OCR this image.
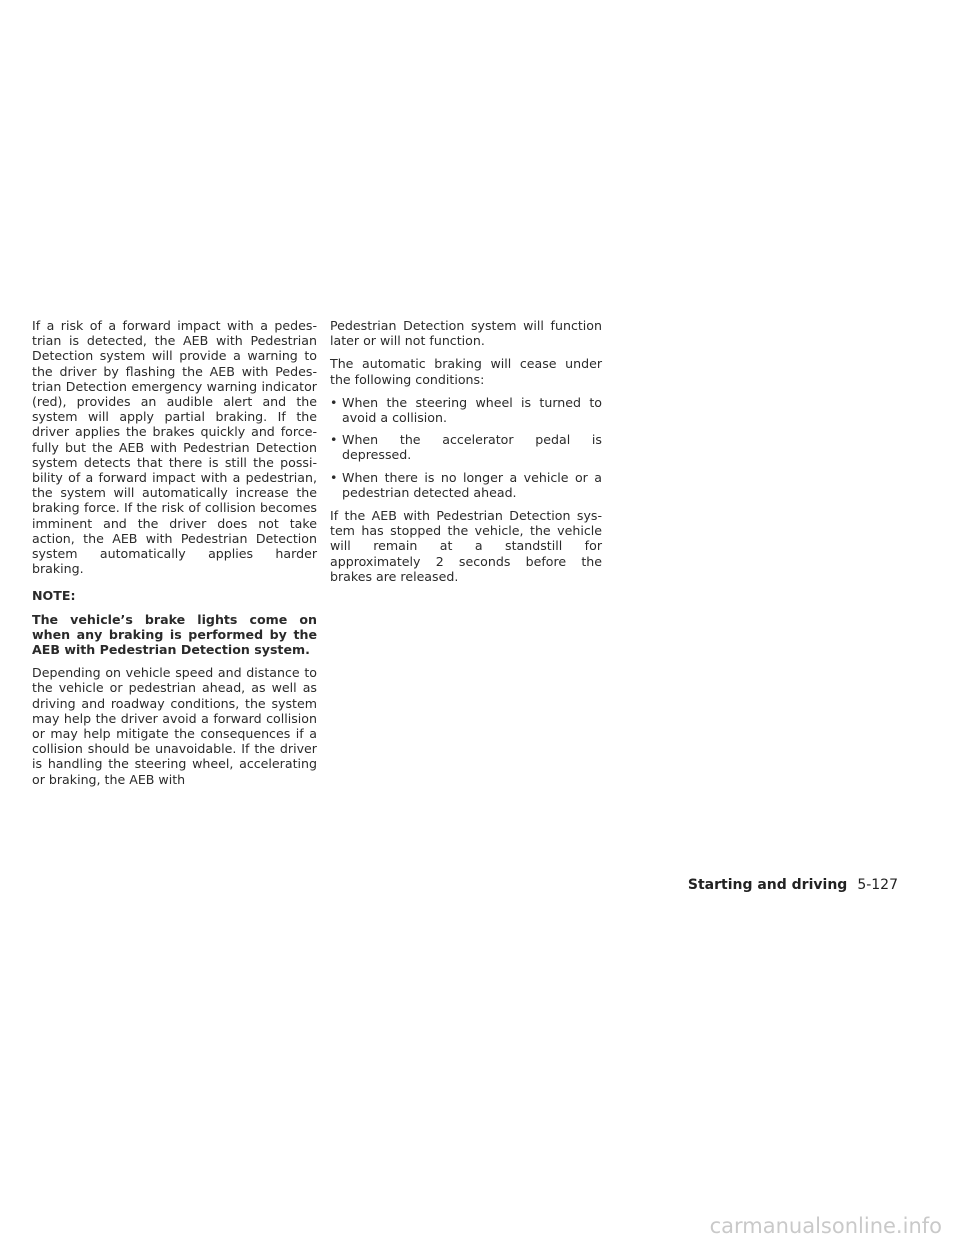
If a risk of a forward impact with a pedestrian is detected, the AEB with Pedestrian Detection system will provide a warning to the driver by flashing the AEB with Pedestrian Detection emergency warning indicator (red), provides an audible alert and the system will apply partial braking. If the driver applies the brakes quickly and forcefully but the AEB with Pedestrian Detection system detects that there is still the possibility of a forward impact with a pedestrian, the system will automatically increase the braking force. If the risk of collision becomes imminent and the driver does not take action, the AEB with Pedestrian Detection system automatically applies harder braking.

NOTE:

The vehicle’s brake lights come on when any braking is performed by the AEB with Pedestrian Detection system.

Depending on vehicle speed and distance to the vehicle or pedestrian ahead, as well as driving and roadway conditions, the system may help the driver avoid a forward collision or may help mitigate the consequences if a collision should be unavoidable. If the driver is handling the steering wheel, accelerating or braking, the AEB with

Pedestrian Detection system will function later or will not function.

The automatic braking will cease under the following conditions:

• When the steering wheel is turned to avoid a collision.
• When the accelerator pedal is depressed.
• When there is no longer a vehicle or a pedestrian detected ahead.

If the AEB with Pedestrian Detection system has stopped the vehicle, the vehicle will remain at a standstill for approximately 2 seconds before the brakes are released.

Starting and driving 5-127
carmanualsonline.info
